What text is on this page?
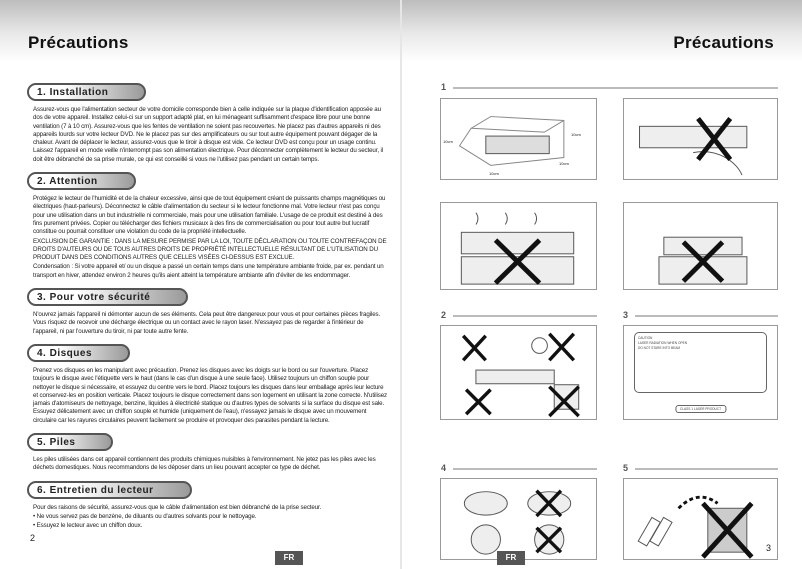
Précautions	Précautions
1. Installation

Assurez-vous que l'alimentation secteur de votre domicile corresponde bien à celle indiquée sur la plaque d'identification apposée au dos de votre appareil. Installez celui-ci sur un support adapté plat, en lui ménageant suffisamment d'espace libre pour une bonne ventilation (7 à 10 cm). Assurez-vous que les fentes de ventilation ne soient pas recouvertes. Ne placez pas d'autres appareils ni des appareils lourds sur votre lecteur DVD. Ne le placez pas sur des amplificateurs ou sur tout autre équipement pouvant dégager de la chaleur. Avant de déplacer le lecteur, assurez-vous que le tiroir à disque est vide. Ce lecteur DVD est conçu pour un usage continu. Laissez l'appareil en mode veille n'interrompt pas son alimentation électrique. Pour déconnecter complètement le lecteur du secteur, il doit être débranché de sa prise murale, ce qui est conseillé si vous ne l'utilisez pas pendant un certain temps.

2. Attention

Protégez le lecteur de l'humidité et de la chaleur excessive, ainsi que de tout équipement créant de puissants champs magnétiques ou électriques (haut-parleurs). Déconnectez le câble d'alimentation du secteur si le lecteur fonctionne mal. Votre lecteur n'est pas conçu pour une utilisation dans un but industrielle ni commerciale, mais pour une utilisation familiale. L'usage de ce produit est destiné à des fins purement privées. Copier ou télécharger des fichiers musicaux à des fins de commercialisation ou pour tout autre but lucratif constitue ou pourrait constituer une violation du code de la propriété intellectuelle.

EXCLUSION DE GARANTIE : DANS LA MESURE PERMISE PAR LA LOI, TOUTE DÉCLARATION OU TOUTE CONTREFAÇON DE DROITS D'AUTEURS OU DE TOUS AUTRES DROITS DE PROPRIÉTÉ INTELLECTUELLE RÉSULTANT DE L'UTILISATION DU PRODUIT DANS DES CONDITIONS AUTRES QUE CELLES VISÉES CI-DESSUS EST EXCLUE.

Condensation : Si votre appareil et/ ou un disque a passé un certain temps dans une température ambiante froide, par ex. pendant un transport en hiver, attendez environ 2 heures qu'ils aient atteint la température ambiante afin d'éviter de les endommager.

3. Pour votre sécurité

N'ouvrez jamais l'appareil ni démonter aucun de ses éléments. Cela peut être dangereux pour vous et pour certaines pièces fragiles. Vous risquez de recevoir une décharge électrique ou un contact avec le rayon laser. N'essayez pas de regarder à l'intérieur de l'appareil, ni par l'ouverture du tiroir, ni par toute autre fente.

4. Disques

Prenez vos disques en les manipulant avec précaution. Prenez les disques avec les doigts sur le bord ou sur l'ouverture. Placez toujours le disque avec l'étiquette vers le haut (dans le cas d'un disque à une seule face). Utilisez toujours un chiffon souple pour nettoyer le disque si nécessaire, et essuyez du centre vers le bord. Placez toujours les disques dans leur emballage après leur lecture et conservez-les en position verticale. Placez toujours le disque correctement dans son logement en utilisant la zone correcte. N'utilisez jamais d'atomiseurs de nettoyage, benzine, liquides à électricité statique ou d'autres types de solvants si la surface du disque est sale. Essuyez délicatement avec un chiffon souple et humide (uniquement de l'eau), n'essayez jamais le disque avec un mouvement circulaire car les rayures circulaires peuvent facilement se produire et provoquer des parasites pendant la lecture.

5. Piles

Les piles utilisées dans cet appareil contiennent des produits chimiques nuisibles à l'environnement. Ne jetez pas les piles avec les déchets domestiques. Nous recommandons de les déposer dans un lieu pouvant accepter ce type de déchet.

6. Entretien du lecteur

Pour des raisons de sécurité, assurez-vous que le câble d'alimentation est bien débranché de la prise secteur.

• Ne vous servez pas de benzène, de diluants ou d'autres solvants pour le nettoyage.

• Essuyez le lecteur avec un chiffon doux.

2
1
2	3
4	5
10cm
10cm
10cm
10cm
CAUTION
LASER RADIATION WHEN OPEN
DO NOT STARE INTO BEAM
CLASS 1 LASER PRODUCT
3
FR	FR
